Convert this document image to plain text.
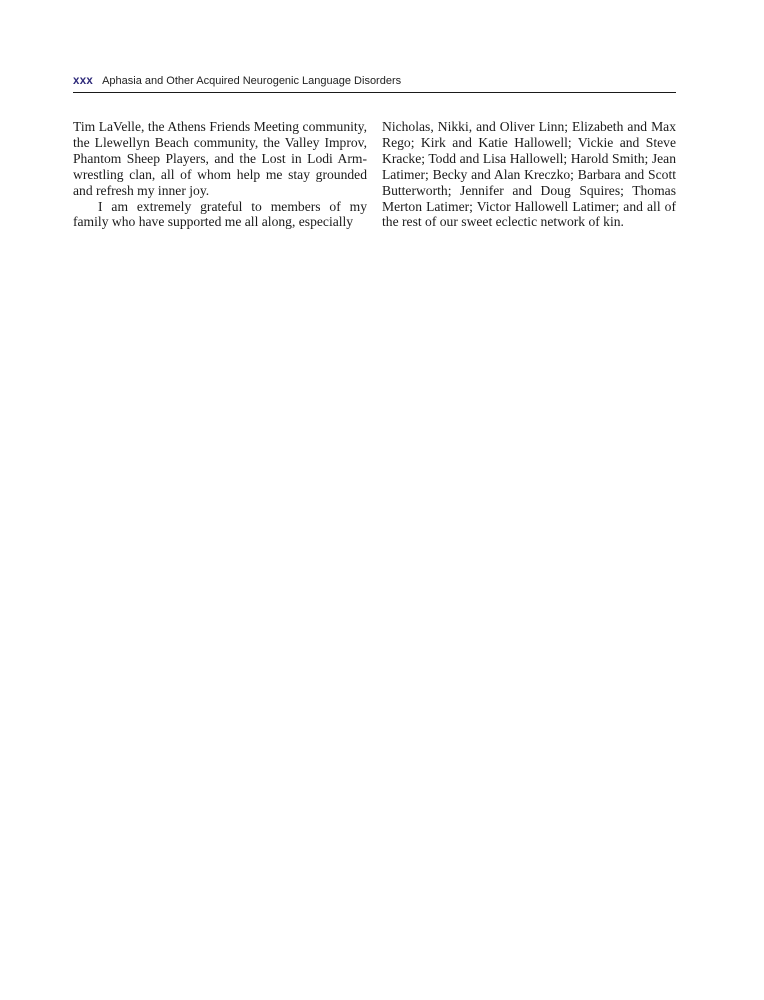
xxx Aphasia and Other Acquired Neurogenic Language Disorders

Tim LaVelle, the Athens Friends Meeting community, the Llewellyn Beach community, the Valley Improv, Phantom Sheep Players, and the Lost in Lodi Arm-wrestling clan, all of whom help me stay grounded and refresh my inner joy.

I am extremely grateful to members of my family who have supported me all along, especially

Nicholas, Nikki, and Oliver Linn; Elizabeth and Max Rego; Kirk and Katie Hallowell; Vickie and Steve Kracke; Todd and Lisa Hallowell; Harold Smith; Jean Latimer; Becky and Alan Kreczko; Barbara and Scott Butterworth; Jennifer and Doug Squires; Thomas Merton Latimer; Victor Hallowell Latimer; and all of the rest of our sweet eclectic network of kin.
